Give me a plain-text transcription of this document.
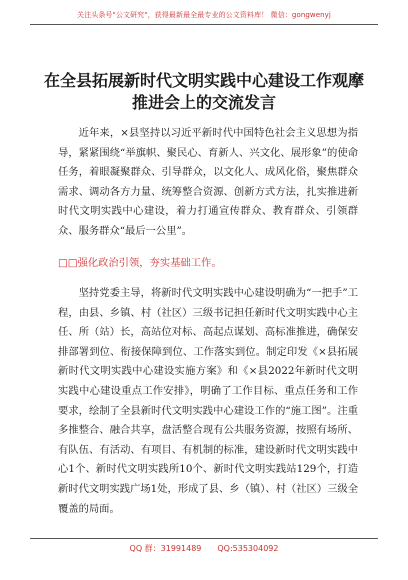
关注头条号"公文研究"，获得最新最全最专业的公文资料库！ 微信：gongwenyj
在全县拓展新时代文明实践中心建设工作观摩推进会上的交流发言

近年来，×县坚持以习近平新时代中国特色社会主义思想为指导，紧紧围绕“举旗帜、聚民心、育新人、兴文化、展形象”的使命任务，着眼凝聚群众、引导群众，以文化人、成风化俗，聚焦群众需求、调动各方力量、统筹整合资源、创新方式方法，扎实推进新时代文明实践中心建设，着力打通宣传群众、教育群众、引领群众、服务群众“最后一公里”。

□□强化政治引领，夯实基础工作。

坚持党委主导，将新时代文明实践中心建设明确为“一把手”工程，由县、乡镇、村（社区）三级书记担任新时代文明实践中心主任、所（站）长，高站位对标、高起点谋划、高标准推进，确保安排部署到位、衔接保障到位、工作落实到位。制定印发《×县拓展新时代文明实践中心建设实施方案》和《×县2022年新时代文明实践中心建设重点工作安排》，明确了工作目标、重点任务和工作要求，绘制了全县新时代文明实践中心建设工作的“施工图”。注重多推整合、融合共享，盘活整合现有公共服务资源，按照有场所、有队伍、有活动、有项目、有机制的标准，建设新时代文明实践中心1个、新时代文明实践所10个、新时代文明实践站129个，打造新时代文明实践广场1处，形成了县、乡（镇）、村（社区）三级全覆盖的局面。

QQ 群：31991489　　QQ:535304092
